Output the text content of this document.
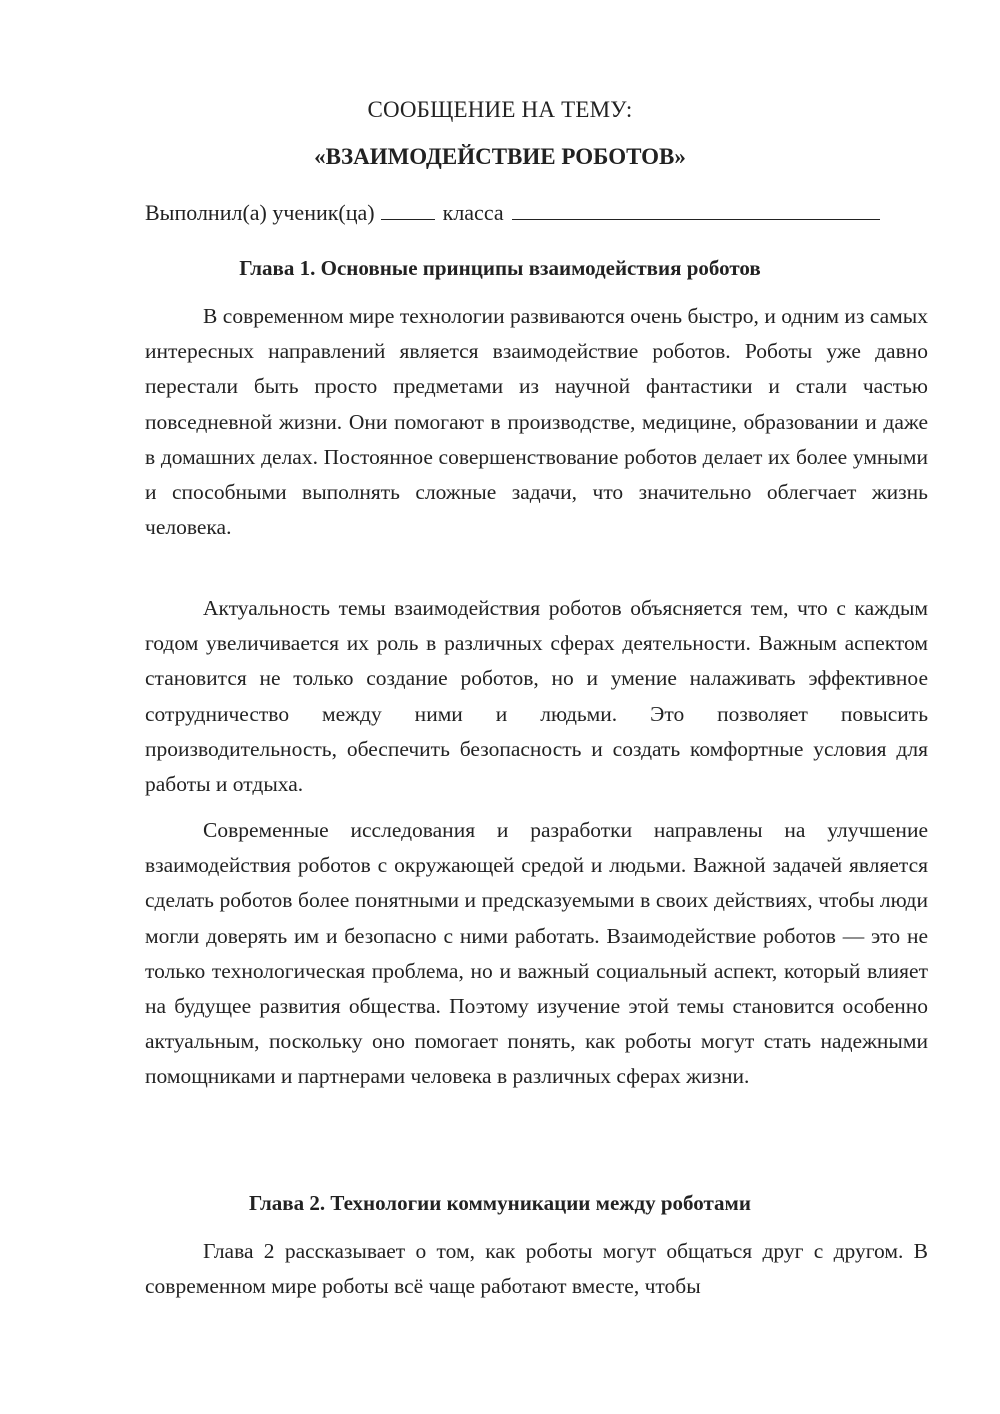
СООБЩЕНИЕ НА ТЕМУ:
«ВЗАИМОДЕЙСТВИЕ РОБОТОВ»
Выполнил(а) ученик(ца)	класса
Глава 1. Основные принципы взаимодействия роботов

В современном мире технологии развиваются очень быстро, и одним из самых интересных направлений является взаимодействие роботов. Роботы уже давно перестали быть просто предметами из научной фантастики и стали частью повседневной жизни. Они помогают в производстве, медицине, образовании и даже в домашних делах. Постоянное совершенствование роботов делает их более умными и способными выполнять сложные задачи, что значительно облегчает жизнь человека.

Актуальность темы взаимодействия роботов объясняется тем, что с каждым годом увеличивается их роль в различных сферах деятельности. Важным аспектом становится не только создание роботов, но и умение налаживать эффективное сотрудничество между ними и людьми. Это позволяет повысить производительность, обеспечить безопасность и создать комфортные условия для работы и отдыха.

Современные исследования и разработки направлены на улучшение взаимодействия роботов с окружающей средой и людьми. Важной задачей является сделать роботов более понятными и предсказуемыми в своих действиях, чтобы люди могли доверять им и безопасно с ними работать. Взаимодействие роботов — это не только технологическая проблема, но и важный социальный аспект, который влияет на будущее развития общества. Поэтому изучение этой темы становится особенно актуальным, поскольку оно помогает понять, как роботы могут стать надежными помощниками и партнерами человека в различных сферах жизни.

Глава 2. Технологии коммуникации между роботами

Глава 2 рассказывает о том, как роботы могут общаться друг с другом. В современном мире роботы всё чаще работают вместе, чтобы
